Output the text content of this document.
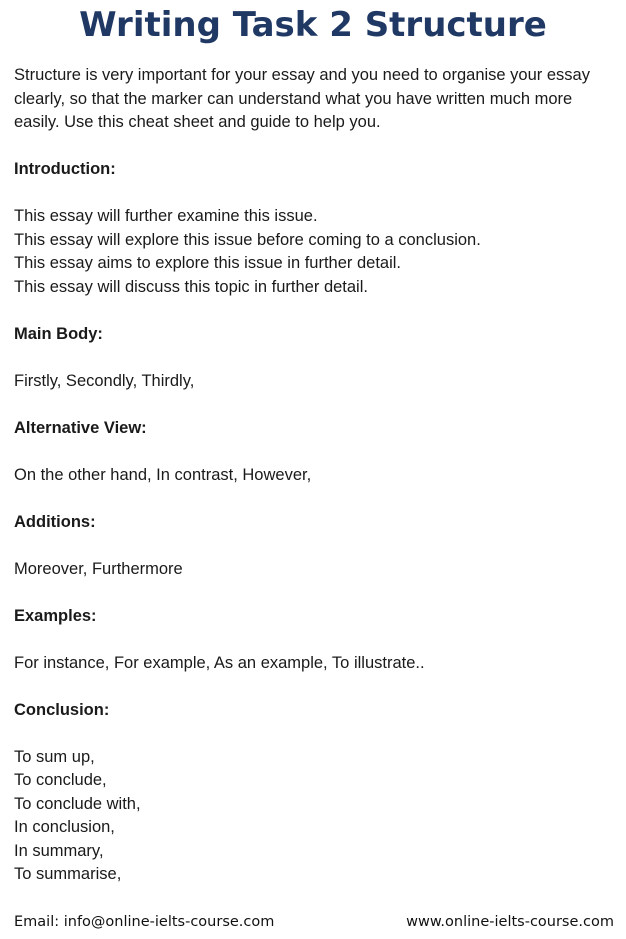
Writing Task 2 Structure

Structure is very important for your essay and you need to organise your essay clearly, so that the marker can understand what you have written much more easily. Use this cheat sheet and guide to help you.

Introduction:

This essay will further examine this issue.

This essay will explore this issue before coming to a conclusion.

This essay aims to explore this issue in further detail.

This essay will discuss this topic in further detail.

Main Body:

Firstly, Secondly, Thirdly,

Alternative View:

On the other hand, In contrast, However,

Additions:

Moreover, Furthermore

Examples:

For instance, For example, As an example, To illustrate..

Conclusion:

To sum up,

To conclude,

To conclude with,

In conclusion,

In summary,

To summarise,

Email: info@online-ielts-course.com	www.online-ielts-course.com
